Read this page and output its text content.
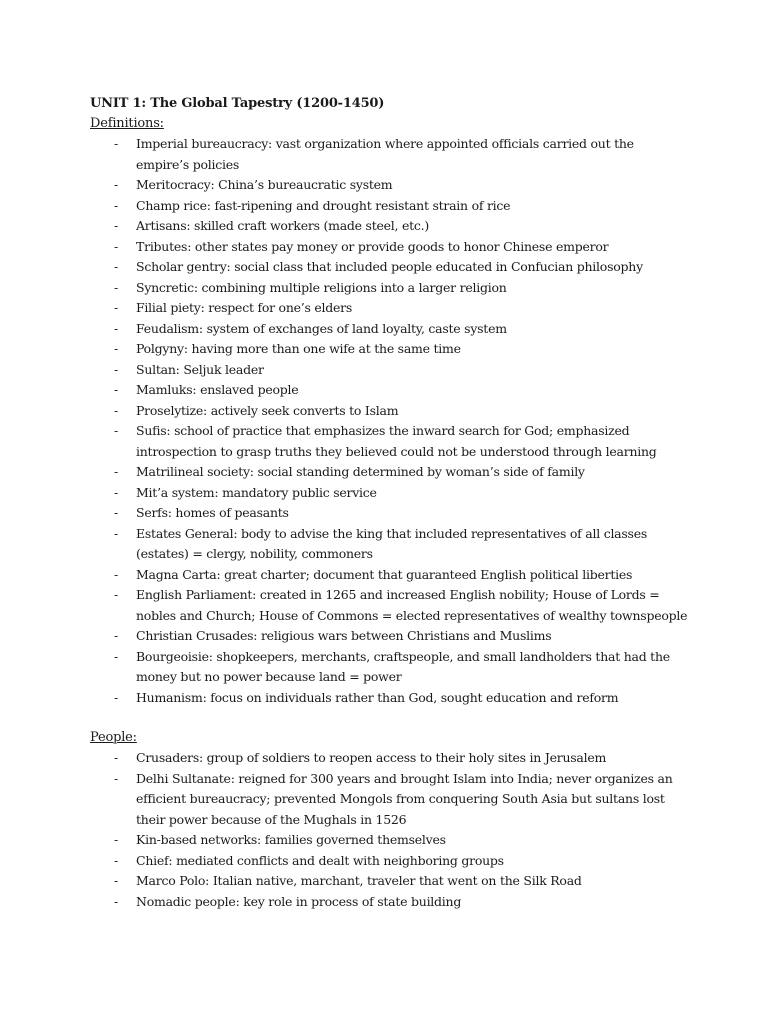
UNIT 1: The Global Tapestry (1200-1450)

Definitions:

- Imperial bureaucracy: vast organization where appointed officials carried out the empire’s policies
- Meritocracy: China’s bureaucratic system
- Champ rice: fast-ripening and drought resistant strain of rice
- Artisans: skilled craft workers (made steel, etc.)
- Tributes: other states pay money or provide goods to honor Chinese emperor
- Scholar gentry: social class that included people educated in Confucian philosophy
- Syncretic: combining multiple religions into a larger religion
- Filial piety: respect for one’s elders
- Feudalism: system of exchanges of land loyalty, caste system
- Polgyny: having more than one wife at the same time
- Sultan: Seljuk leader
- Mamluks: enslaved people
- Proselytize: actively seek converts to Islam
- Sufis: school of practice that emphasizes the inward search for God; emphasized introspection to grasp truths they believed could not be understood through learning
- Matrilineal society: social standing determined by woman’s side of family
- Mit’a system: mandatory public service
- Serfs: homes of peasants
- Estates General: body to advise the king that included representatives of all classes (estates) = clergy, nobility, commoners
- Magna Carta: great charter; document that guaranteed English political liberties
- English Parliament: created in 1265 and increased English nobility; House of Lords = nobles and Church; House of Commons = elected representatives of wealthy townspeople
- Christian Crusades: religious wars between Christians and Muslims
- Bourgeoisie: shopkeepers, merchants, craftspeople, and small landholders that had the money but no power because land = power
- Humanism: focus on individuals rather than God, sought education and reform

People:

- Crusaders: group of soldiers to reopen access to their holy sites in Jerusalem
- Delhi Sultanate: reigned for 300 years and brought Islam into India; never organizes an efficient bureaucracy; prevented Mongols from conquering South Asia but sultans lost their power because of the Mughals in 1526
- Kin-based networks: families governed themselves
- Chief: mediated conflicts and dealt with neighboring groups
- Marco Polo: Italian native, marchant, traveler that went on the Silk Road
- Nomadic people: key role in process of state building
